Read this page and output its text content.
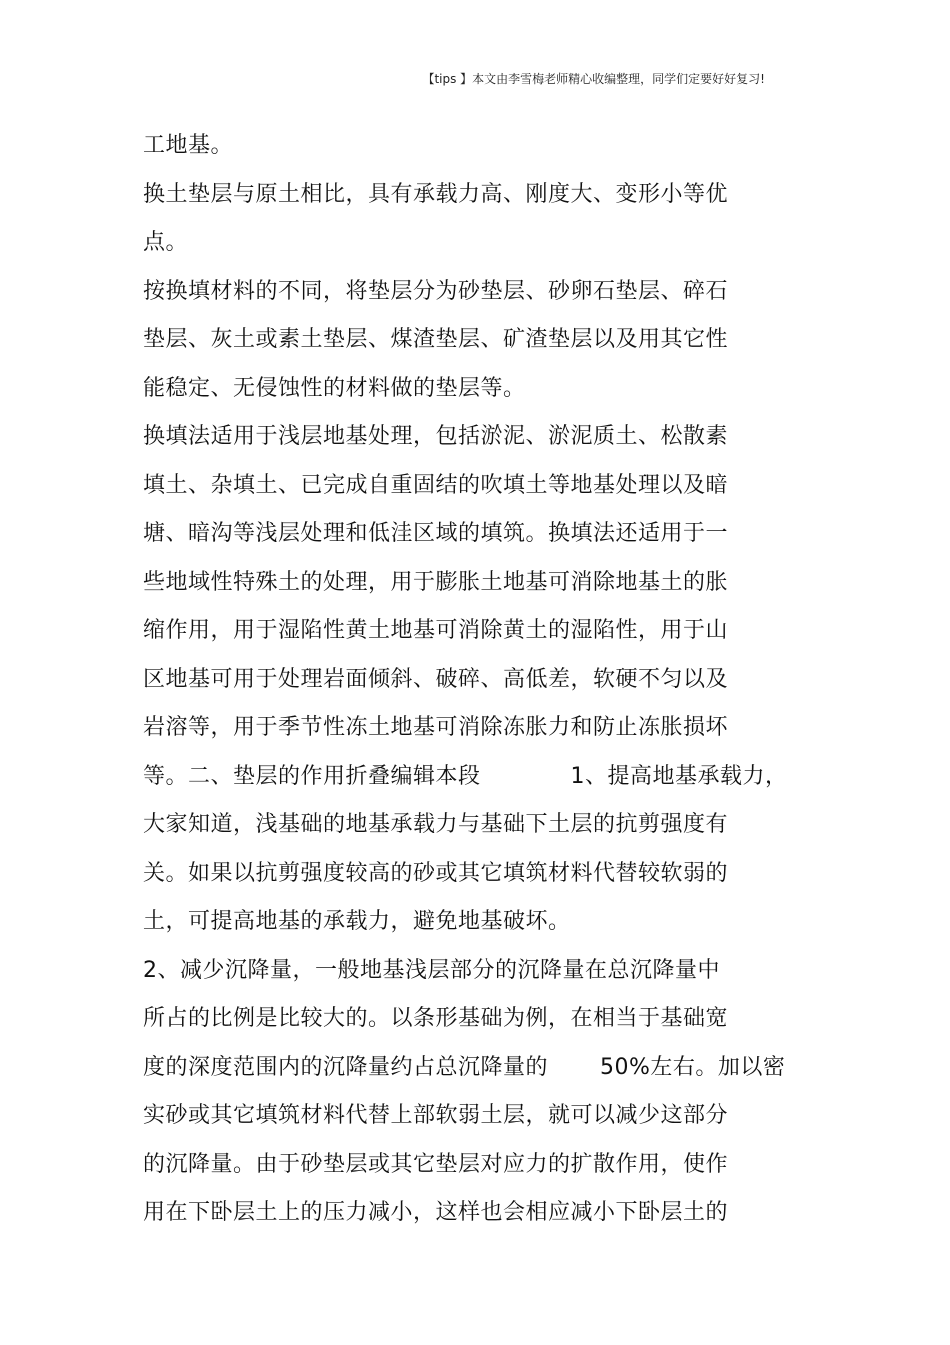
【tips 】本文由李雪梅老师精心收编整理，同学们定要好好复习!
工地基。
换土垫层与原土相比，具有承载力高、刚度大、变形小等优
点。
按换填材料的不同，将垫层分为砂垫层、砂卵石垫层、碎石
垫层、灰土或素土垫层、煤渣垫层、矿渣垫层以及用其它性
能稳定、无侵蚀性的材料做的垫层等。
换填法适用于浅层地基处理，包括淤泥、淤泥质土、松散素
填土、杂填土、已完成自重固结的吹填土等地基处理以及暗
塘、暗沟等浅层处理和低洼区域的填筑。换填法还适用于一
些地域性特殊土的处理，用于膨胀土地基可消除地基土的胀
缩作用，用于湿陷性黄土地基可消除黄土的湿陷性，用于山
区地基可用于处理岩面倾斜、破碎、高低差，软硬不匀以及
岩溶等，用于季节性冻土地基可消除冻胀力和防止冻胀损坏
等。二、垫层的作用折叠编辑本段	1、提高地基承载力，
大家知道，浅基础的地基承载力与基础下土层的抗剪强度有
关。如果以抗剪强度较高的砂或其它填筑材料代替较软弱的
土，可提高地基的承载力，避免地基破坏。
2、减少沉降量，一般地基浅层部分的沉降量在总沉降量中
所占的比例是比较大的。以条形基础为例，在相当于基础宽
度的深度范围内的沉降量约占总沉降量的 50%左右。加以密
实砂或其它填筑材料代替上部软弱土层，就可以减少这部分
的沉降量。由于砂垫层或其它垫层对应力的扩散作用，使作
用在下卧层土上的压力减小，这样也会相应减小下卧层土的
